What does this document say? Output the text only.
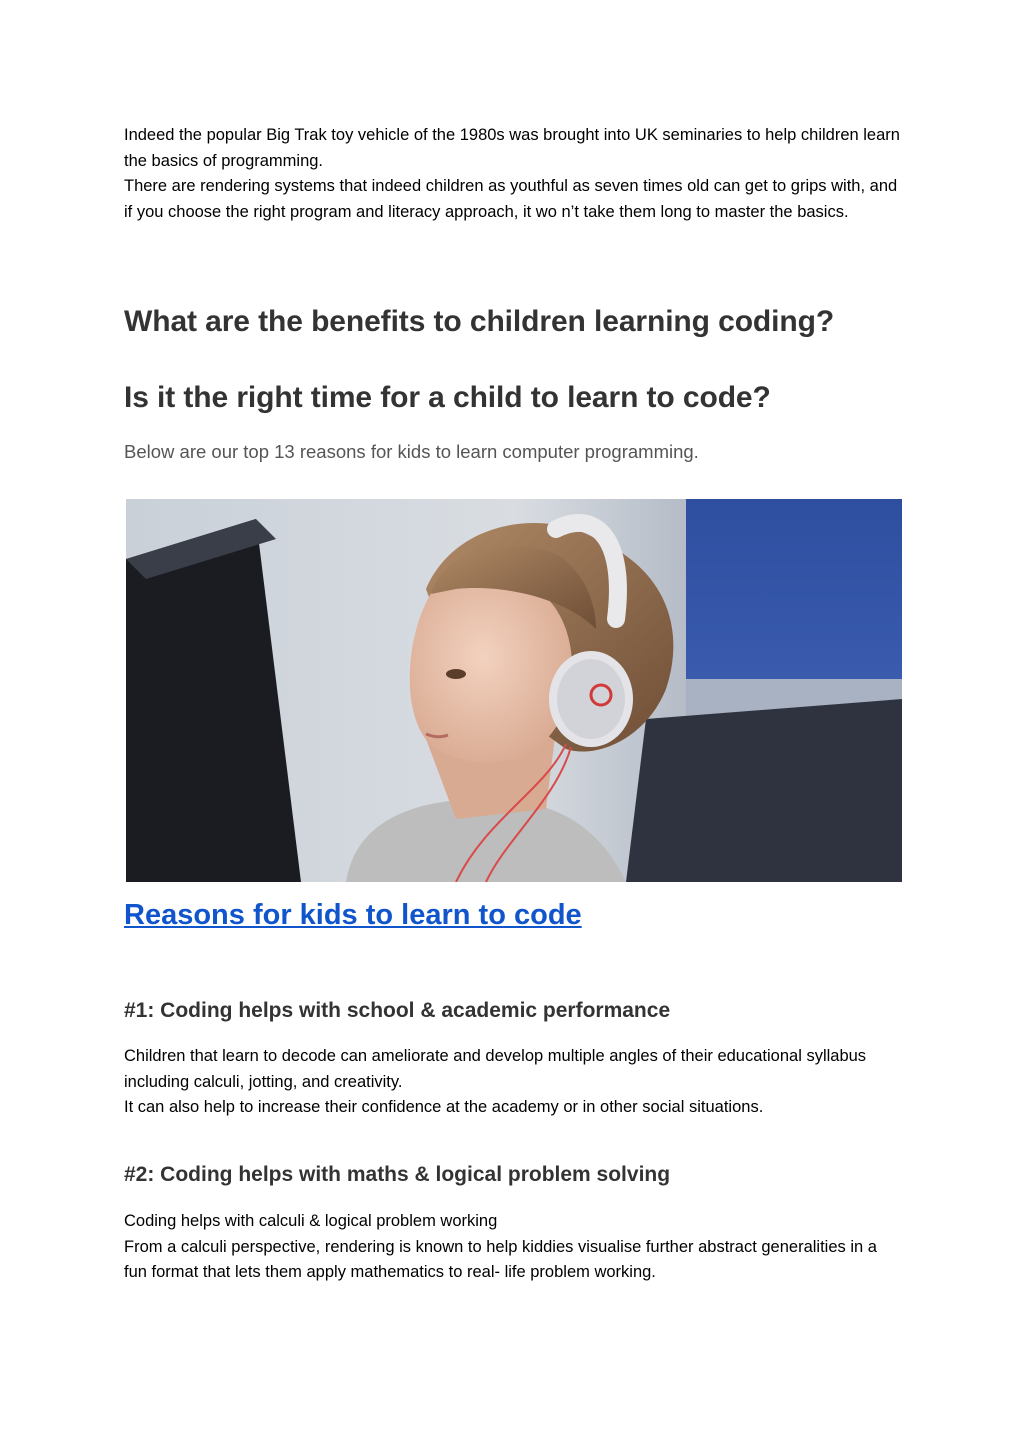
Indeed the popular Big Trak toy vehicle of the 1980s was brought into UK seminaries to help children learn the basics of programming.

There are rendering systems that indeed children as youthful as seven times old can get to grips with, and if you choose the right program and literacy approach, it wo n’t take them long to master the basics.

What are the benefits to children learning coding?
Is it the right time for a child to learn to code?

Below are our top 13 reasons for kids to learn computer programming.

Reasons for kids to learn to code
#1: Coding helps with school & academic performance

Children that learn to decode can ameliorate and develop multiple angles of their educational syllabus including calculi, jotting, and creativity.

It can also help to increase their confidence at the academy or in other social situations.

#2: Coding helps with maths & logical problem solving

Coding helps with calculi & logical problem working

From a calculi perspective, rendering is known to help kiddies visualise further abstract generalities in a fun format that lets them apply mathematics to real- life problem working.
